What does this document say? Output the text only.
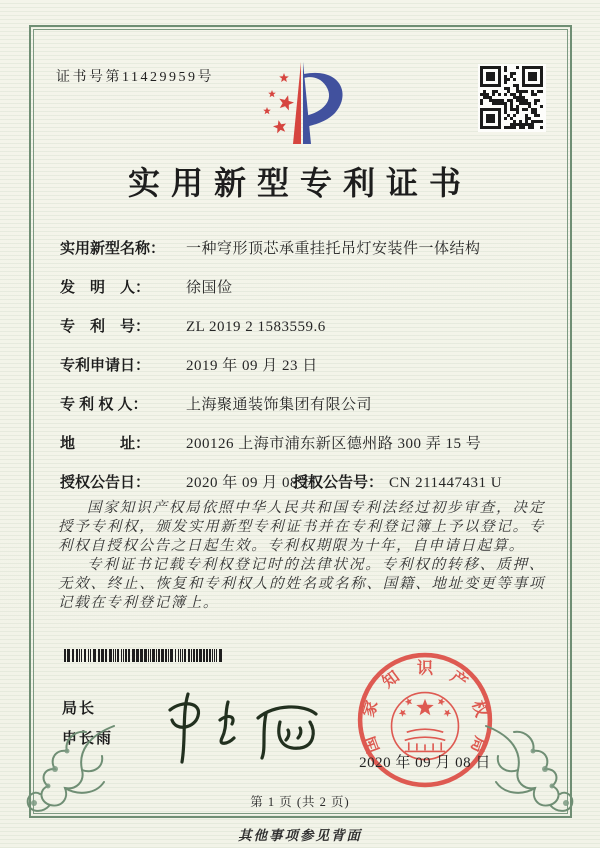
证书号第11429959号
实用新型专利证书
实用新型名称：	一种穹形顶芯承重挂托吊灯安装件一体结构
发　明　人：	徐国俭
专　利　号：	ZL 2019 2 1583559.6
专利申请日：	2019 年 09 月 23 日
专 利 权 人：	上海聚通装饰集团有限公司
地　　　址：	200126 上海市浦东新区德州路 300 弄 15 号
授权公告日：	2020 年 09 月 08 日
授权公告号： CN 211447431 U

国家知识产权局依照中华人民共和国专利法经过初步审查，决定授予专利权，颁发实用新型专利证书并在专利登记簿上予以登记。专利权自授权公告之日起生效。专利权期限为十年，自申请日起算。

专利证书记载专利权登记时的法律状况。专利权的转移、质押、无效、终止、恢复和专利权人的姓名或名称、国籍、地址变更等事项记载在专利登记簿上。

局长
申长雨	国
家
知 识 产
权
局
2020 年 09 月 08 日
第 1 页 (共 2 页)
其他事项参见背面
